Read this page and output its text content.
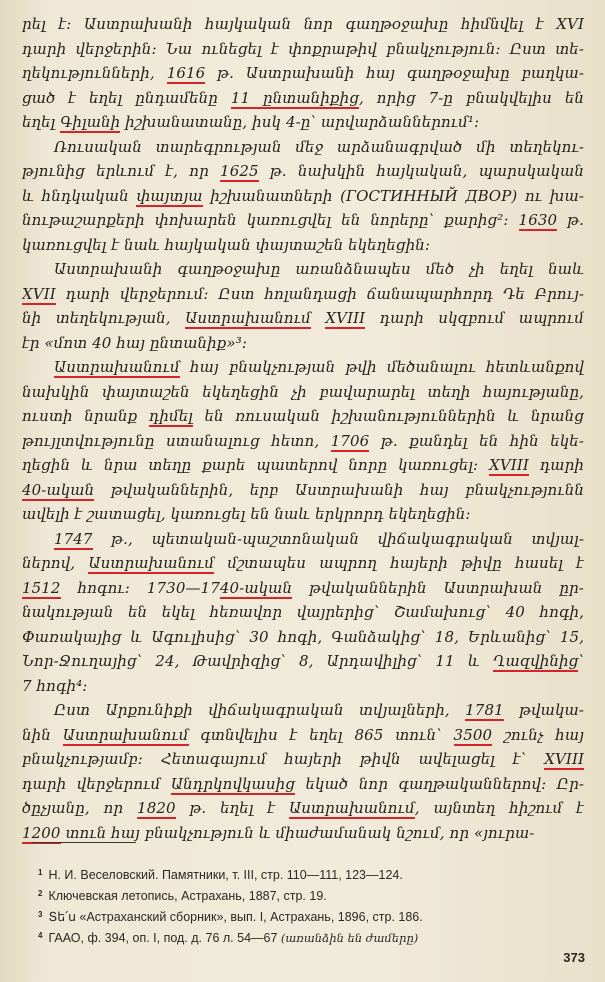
րել է: Աստրախանի հայկական նոր գաղթօջախը հիմնվել է XVI
դարի վերջերին: Նա ունեցել է փոքրաթիվ բնակչություն: Ըստ տե-
ղեկությունների, 1616 թ. Աստրախանի հայ գաղթօջախը բաղկա-
ցած է եղել ընդամենը 11 ընտանիքից, որից 7-ը բնակվելիս են
եղել Գիլանի իշխանատանը, իսկ 4-ը՝ արվարձաններում¹:
Ռուսական տարեգրության մեջ արձանագրված մի տեղեկու-
թյունից երևում է, որ 1625 թ. նախկին հայկական, պարսկական
և հնդկական փայտյա իշխանատների (ГОСТИННЫЙ ДВОР) ու խա-
նութաշարքերի փոխարեն կառուցվել են նորերը՝ քարից²: 1630 թ.
կառուցվել է նաև հայկական փայտաշեն եկեղեցին:
Աստրախանի գաղթօջախը առանձնապես մեծ չի եղել նաև
XVII դարի վերջերում: Ըստ հոլանդացի ճանապարհորդ Դե Բրույ-
նի տեղեկության, Աստրախանում XVIII դարի սկզբում ապրում
էր «մոտ 40 հայ ընտանիք»³:
Աստրախանում հայ բնակչության թվի մեծանալու հետևանքով
նախկին փայտաշեն եկեղեցին չի բավարարել տեղի հայությանը,
ուստի նրանք դիմել են ռուսական իշխանություններին և նրանց
թույլտվությունը ստանալուց հետո, 1706 թ. քանդել են հին եկե-
ղեցին և նրա տեղը քարե պատերով նորը կառուցել: XVIII դարի
40-ական թվականներին, երբ Աստրախանի հայ բնակչությունն
ավելի է շատացել, կառուցել են նաև երկրորդ եկեղեցին:
1747 թ., պետական-պաշտոնական վիճակագրական տվյալ-
ներով, Աստրախանում մշտապես ապրող հայերի թիվը հասել է
1512 հոգու: 1730—1740-ական թվականներին Աստրախան ըր-
նակության են եկել հեռավոր վայրերից՝ Շամախուց՝ 40 հոգի,
Փառակայից և Ագուլիսից՝ 30 հոգի, Գանձակից՝ 18, Երևանից՝ 15,
Նոր-Ջուղայից՝ 24, Թավրիզից՝ 8, Արդավիլից՝ 11 և Ղազվինից՝
7 հոգի⁴:
Ըստ Արքունիքի վիճակագրական տվյալների, 1781 թվակա-
նին Աստրախանում գտնվելիս է եղել 865 տուն՝ 3500 շունչ հայ
բնակչությամբ: Հետագայում հայերի թիվն ավելացել է՝ XVIII
դարի վերջերում Անդրկովկասից եկած նոր գաղթականներով: Ըր-
ծըչյանը, որ 1820 թ. եղել է Աստրախանում, այնտեղ հիշում է
1200 տուն հայ բնակչություն և միաժամանակ նշում, որ «յուրա-
$^1$ Н. И. Веселовский. Памятники, т. III, стр. 110—111, 123—124.
$^2$ Ключевская летопись, Астрахань, 1887, стр. 19.
$^3$ Տե՛ս «Астраханский сборник», вып. I, Астрахань, 1896, стр. 186.
$^4$ ГААО, ф. 394, оп. I, под. д. 76 л. 54—67 (առանձին են ժամերը)
373
